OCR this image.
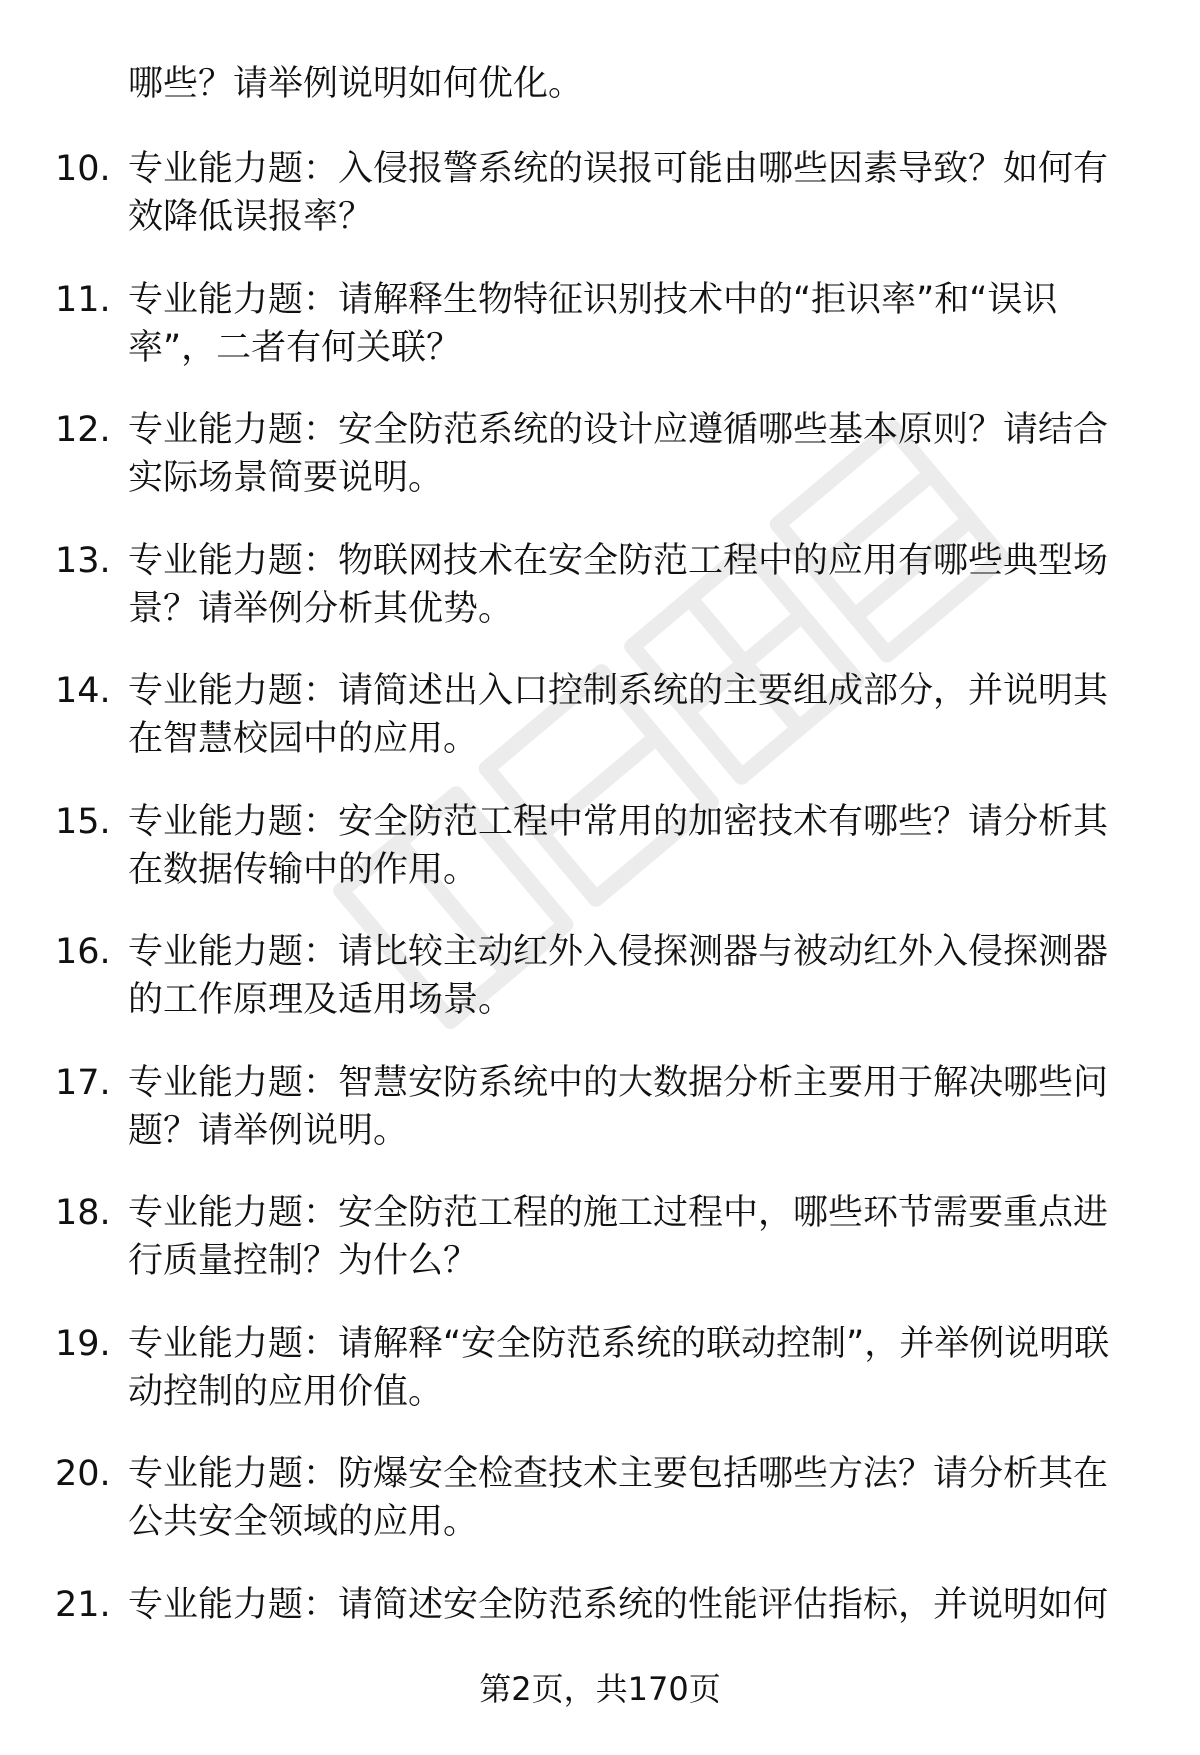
哪些？请举例说明如何优化。

10. 专业能力题：入侵报警系统的误报可能由哪些因素导致？如何有效降低误报率？
11. 专业能力题：请解释生物特征识别技术中的“拒识率”和“误识率”，二者有何关联？
12. 专业能力题：安全防范系统的设计应遵循哪些基本原则？请结合实际场景简要说明。
13. 专业能力题：物联网技术在安全防范工程中的应用有哪些典型场景？请举例分析其优势。
14. 专业能力题：请简述出入口控制系统的主要组成部分，并说明其在智慧校园中的应用。
15. 专业能力题：安全防范工程中常用的加密技术有哪些？请分析其在数据传输中的作用。
16. 专业能力题：请比较主动红外入侵探测器与被动红外入侵探测器的工作原理及适用场景。
17. 专业能力题：智慧安防系统中的大数据分析主要用于解决哪些问题？请举例说明。
18. 专业能力题：安全防范工程的施工过程中，哪些环节需要重点进行质量控制？为什么？
19. 专业能力题：请解释“安全防范系统的联动控制”，并举例说明联动控制的应用价值。
20. 专业能力题：防爆安全检查技术主要包括哪些方法？请分析其在公共安全领域的应用。
21. 专业能力题：请简述安全防范系统的性能评估指标，并说明如何
第2页，共170页
